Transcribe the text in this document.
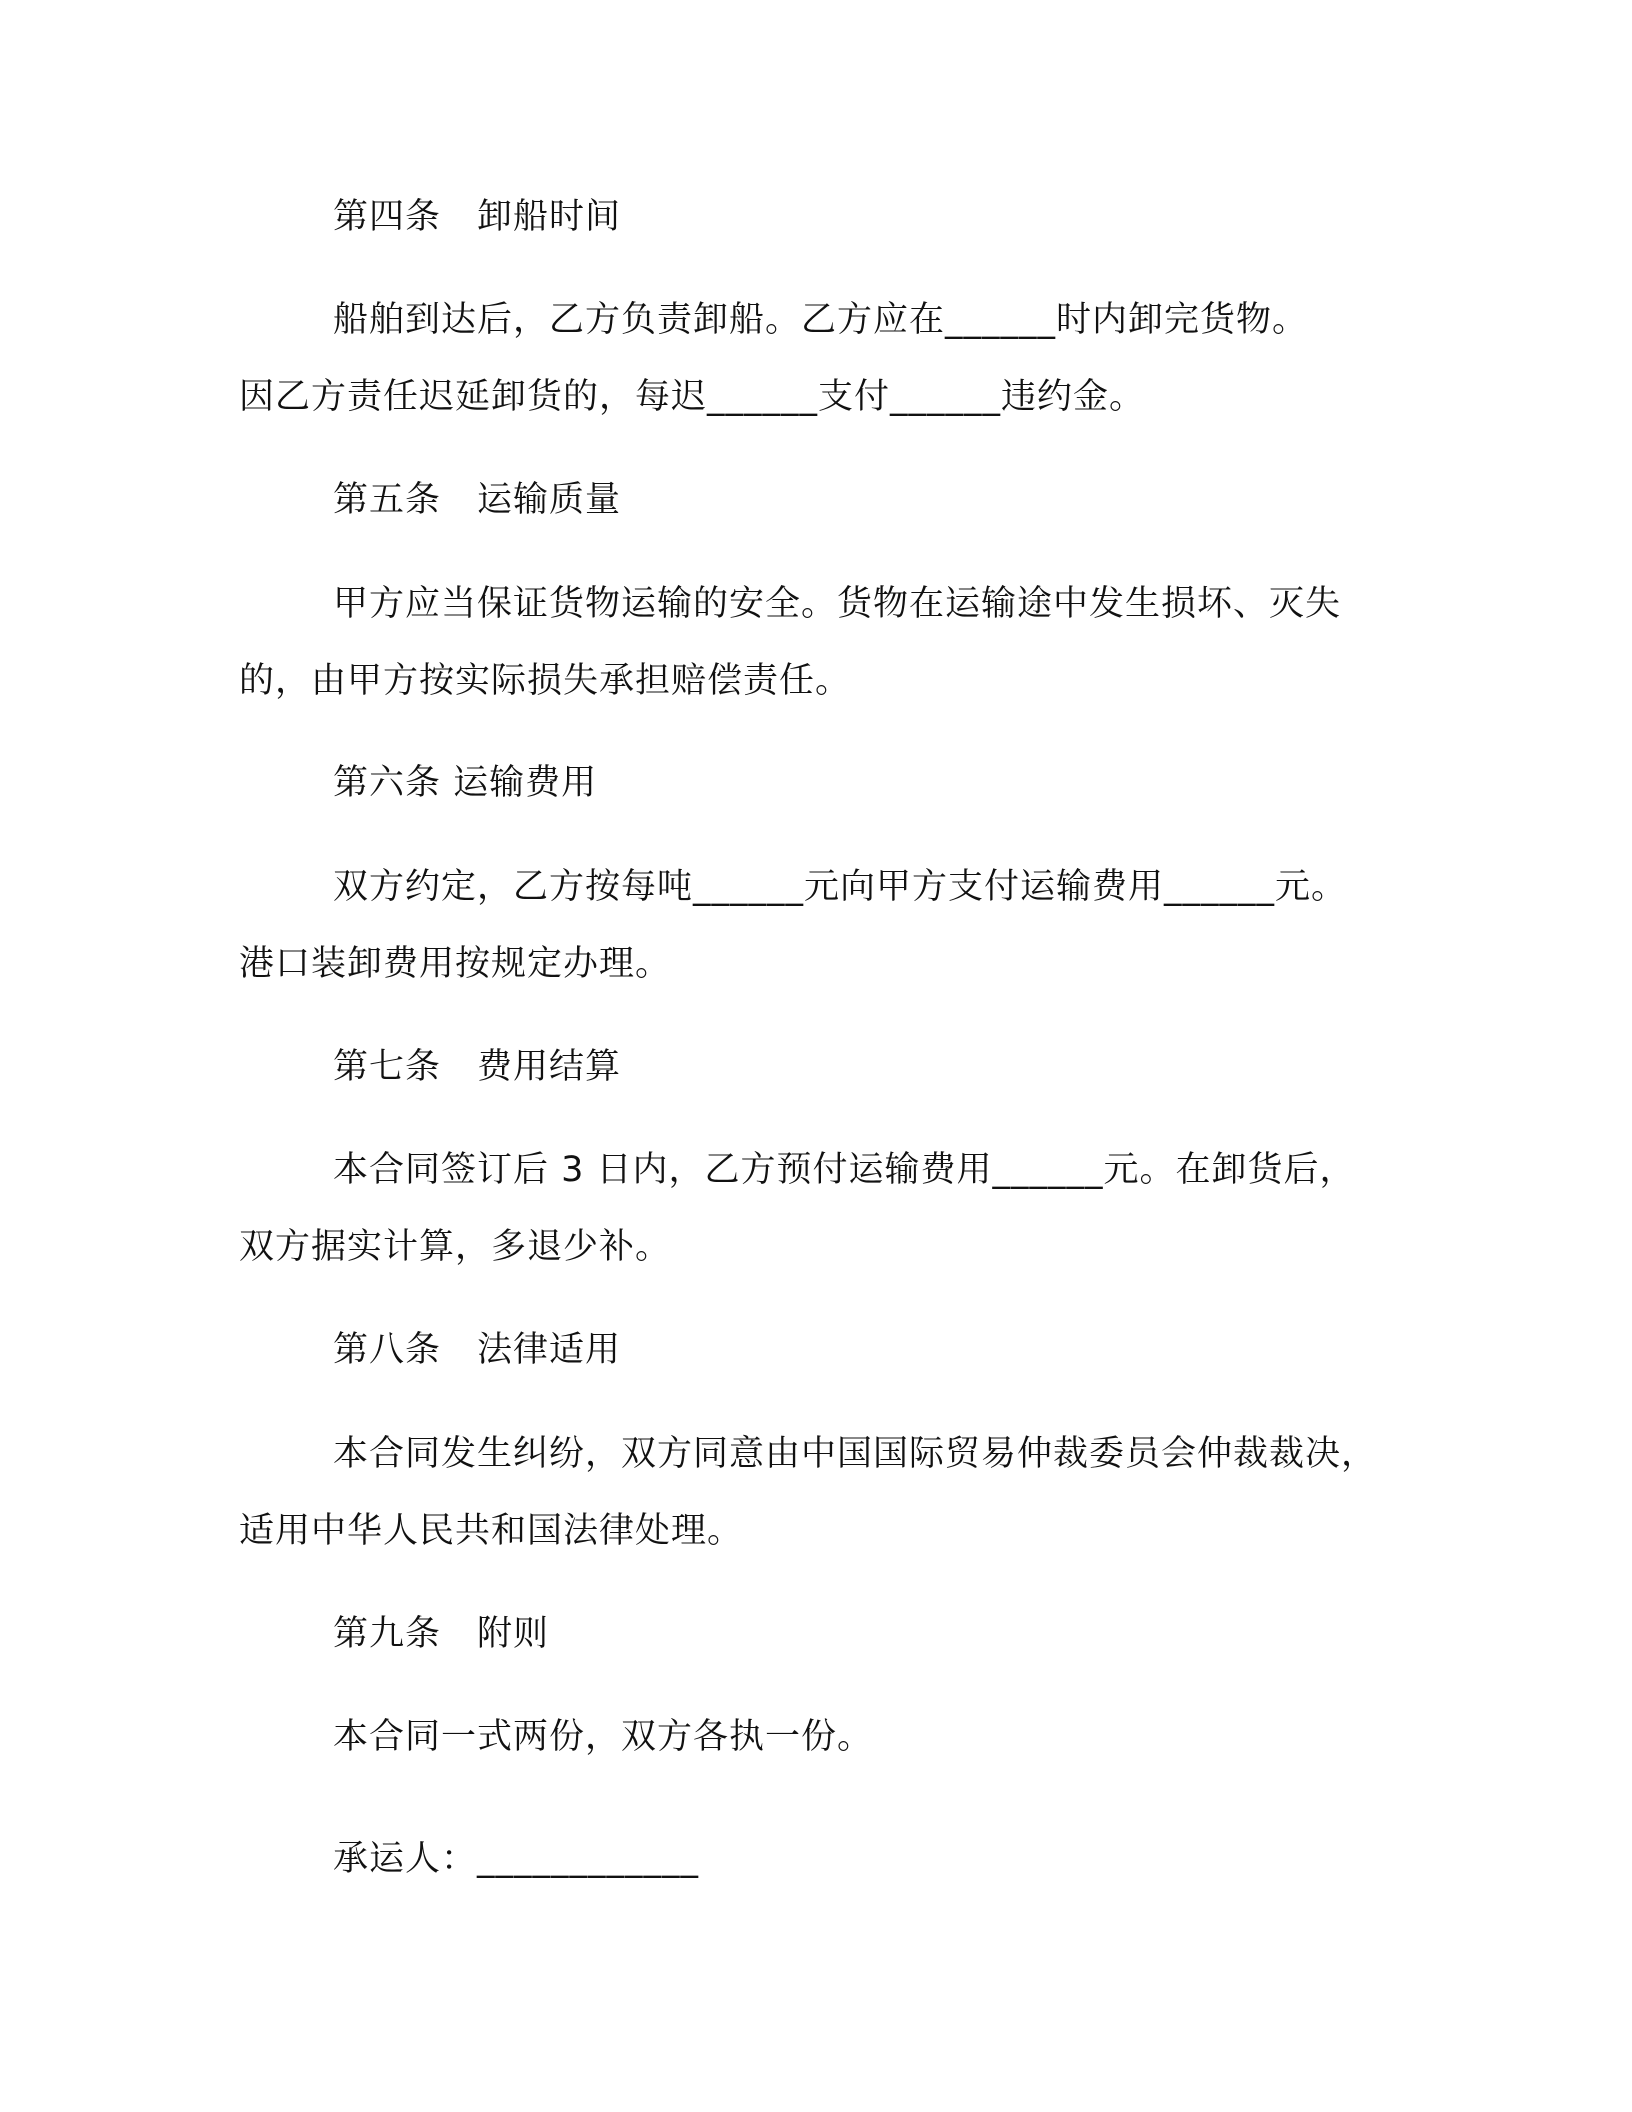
第四条　卸船时间
船舶到达后，乙方负责卸船。乙方应在______时内卸完货物。
因乙方责任迟延卸货的，每迟______支付______违约金。
第五条　运输质量
甲方应当保证货物运输的安全。货物在运输途中发生损坏、灭失
的，由甲方按实际损失承担赔偿责任。
第六条 运输费用
双方约定，乙方按每吨______元向甲方支付运输费用______元。
港口装卸费用按规定办理。
第七条　费用结算
本合同签订后 3 日内，乙方预付运输费用______元。在卸货后，
双方据实计算，多退少补。
第八条　法律适用
本合同发生纠纷，双方同意由中国国际贸易仲裁委员会仲裁裁决，
适用中华人民共和国法律处理。
第九条　附则
本合同一式两份，双方各执一份。
承运人：____________
